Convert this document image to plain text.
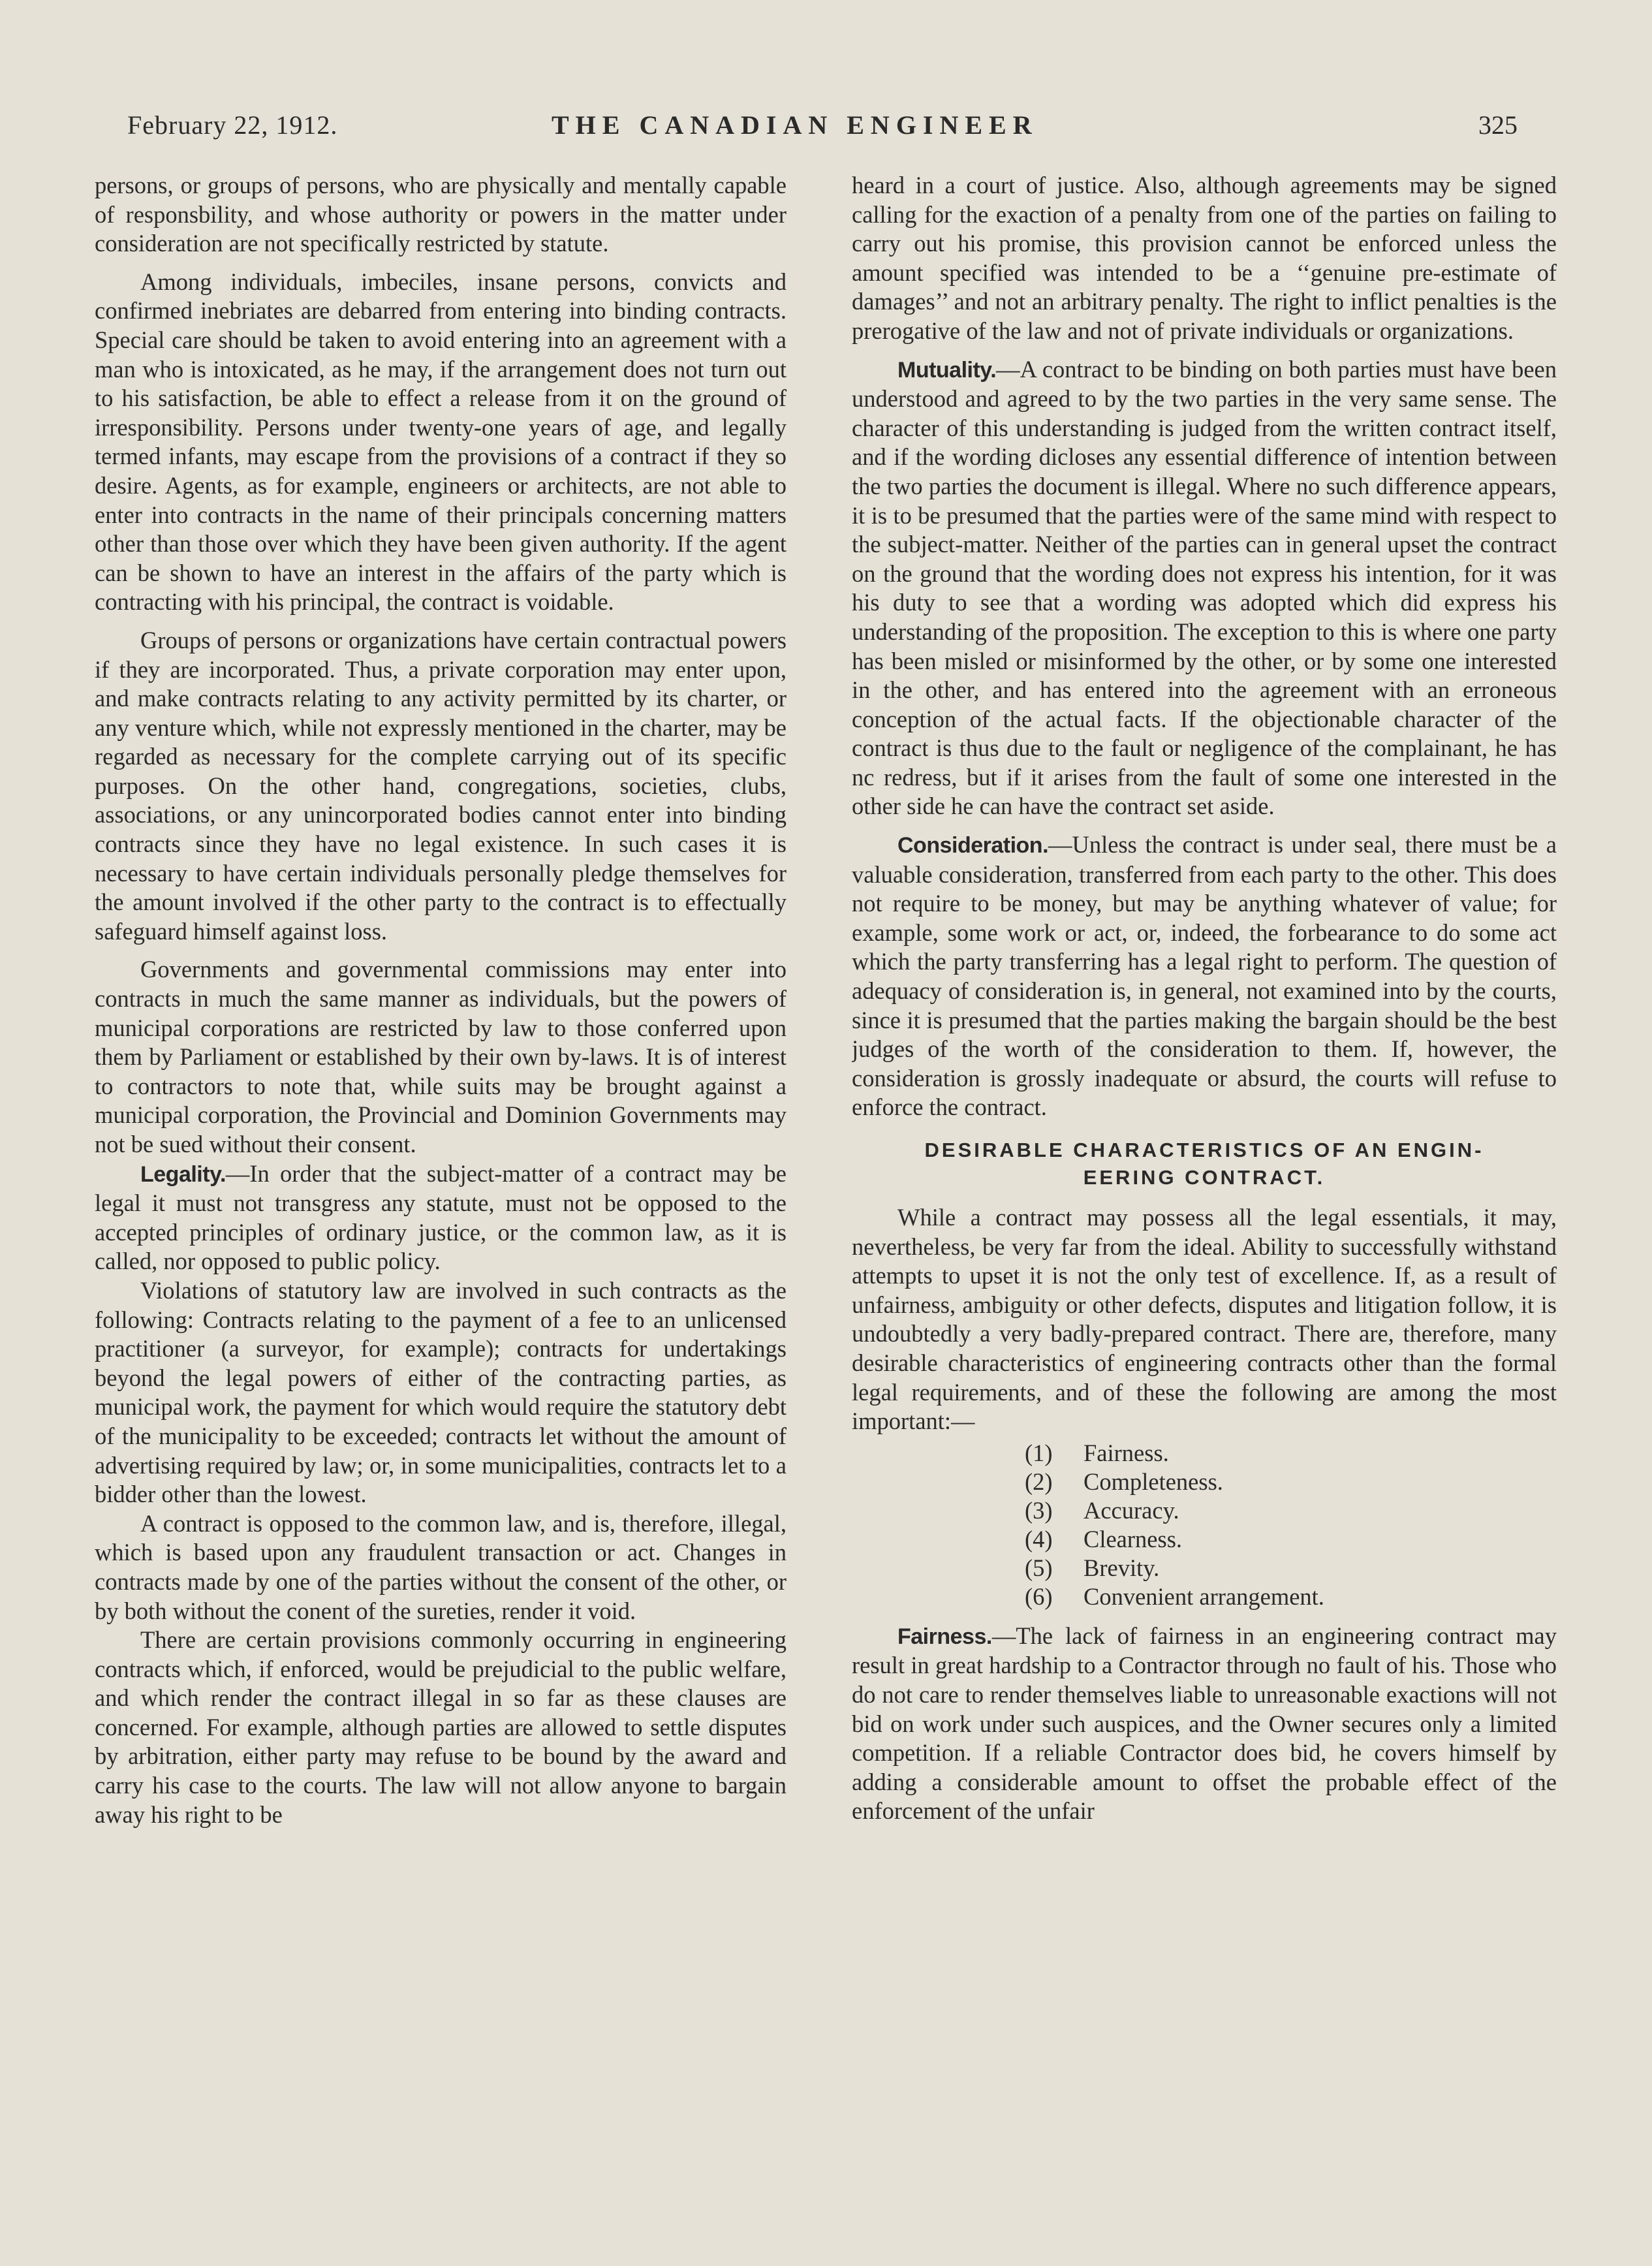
February 22, 1912.	THE CANADIAN ENGINEER	325

persons, or groups of persons, who are physically and mentally capable of responsbility, and whose authority or powers in the matter under consideration are not specifically restricted by statute.

Among individuals, imbeciles, insane persons, convicts and confirmed inebriates are debarred from entering into binding contracts. Special care should be taken to avoid entering into an agreement with a man who is intoxicated, as he may, if the arrangement does not turn out to his satisfaction, be able to effect a release from it on the ground of irresponsibility. Persons under twenty-one years of age, and legally termed infants, may escape from the provisions of a contract if they so desire. Agents, as for example, engineers or architects, are not able to enter into contracts in the name of their principals concerning matters other than those over which they have been given authority. If the agent can be shown to have an interest in the affairs of the party which is contracting with his principal, the contract is voidable.

Groups of persons or organizations have certain contractual powers if they are incorporated. Thus, a private corporation may enter upon, and make contracts relating to any activity permitted by its charter, or any venture which, while not expressly mentioned in the charter, may be regarded as necessary for the complete carrying out of its specific purposes. On the other hand, congregations, societies, clubs, associations, or any unincorporated bodies cannot enter into binding contracts since they have no legal existence. In such cases it is necessary to have certain individuals personally pledge themselves for the amount involved if the other party to the contract is to effectually safeguard himself against loss.

Governments and governmental commissions may enter into contracts in much the same manner as individuals, but the powers of municipal corporations are restricted by law to those conferred upon them by Parliament or established by their own by-laws. It is of interest to contractors to note that, while suits may be brought against a municipal corporation, the Provincial and Dominion Governments may not be sued without their consent.

Legality.—In order that the subject-matter of a contract may be legal it must not transgress any statute, must not be opposed to the accepted principles of ordinary justice, or the common law, as it is called, nor opposed to public policy.

Violations of statutory law are involved in such contracts as the following: Contracts relating to the payment of a fee to an unlicensed practitioner (a surveyor, for example); contracts for undertakings beyond the legal powers of either of the contracting parties, as municipal work, the payment for which would require the statutory debt of the municipality to be exceeded; contracts let without the amount of advertising required by law; or, in some municipalities, contracts let to a bidder other than the lowest.

A contract is opposed to the common law, and is, therefore, illegal, which is based upon any fraudulent transaction or act. Changes in contracts made by one of the parties without the consent of the other, or by both without the conent of the sureties, render it void.

There are certain provisions commonly occurring in engineering contracts which, if enforced, would be prejudicial to the public welfare, and which render the contract illegal in so far as these clauses are concerned. For example, although parties are allowed to settle disputes by arbitration, either party may refuse to be bound by the award and carry his case to the courts. The law will not allow anyone to bargain away his right to be

heard in a court of justice. Also, although agreements may be signed calling for the exaction of a penalty from one of the parties on failing to carry out his promise, this provision cannot be enforced unless the amount specified was intended to be a ‘‘genuine pre-estimate of damages’’ and not an arbitrary penalty. The right to inflict penalties is the prerogative of the law and not of private individuals or organizations.

Mutuality.—A contract to be binding on both parties must have been understood and agreed to by the two parties in the very same sense. The character of this understanding is judged from the written contract itself, and if the wording dicloses any essential difference of intention between the two parties the document is illegal. Where no such difference appears, it is to be presumed that the parties were of the same mind with respect to the subject-matter. Neither of the parties can in general upset the contract on the ground that the wording does not express his intention, for it was his duty to see that a wording was adopted which did express his understanding of the proposition. The exception to this is where one party has been misled or misinformed by the other, or by some one interested in the other, and has entered into the agreement with an erroneous conception of the actual facts. If the objectionable character of the contract is thus due to the fault or negligence of the complainant, he has nc redress, but if it arises from the fault of some one interested in the other side he can have the contract set aside.

Consideration.—Unless the contract is under seal, there must be a valuable consideration, transferred from each party to the other. This does not require to be money, but may be anything whatever of value; for example, some work or act, or, indeed, the forbearance to do some act which the party transferring has a legal right to perform. The question of adequacy of consideration is, in general, not examined into by the courts, since it is presumed that the parties making the bargain should be the best judges of the worth of the consideration to them. If, however, the consideration is grossly inadequate or absurd, the courts will refuse to enforce the contract.

DESIRABLE CHARACTERISTICS OF AN ENGIN-
EERING CONTRACT.

While a contract may possess all the legal essentials, it may, nevertheless, be very far from the ideal. Ability to successfully withstand attempts to upset it is not the only test of excellence. If, as a result of unfairness, ambiguity or other defects, disputes and litigation follow, it is undoubtedly a very badly-prepared contract. There are, therefore, many desirable characteristics of engineering contracts other than the formal legal requirements, and of these the following are among the most important:—

(1) Fairness.
(2) Completeness.
(3) Accuracy.
(4) Clearness.
(5) Brevity.
(6) Convenient arrangement.

Fairness.—The lack of fairness in an engineering contract may result in great hardship to a Contractor through no fault of his. Those who do not care to render themselves liable to unreasonable exactions will not bid on work under such auspices, and the Owner secures only a limited competition. If a reliable Contractor does bid, he covers himself by adding a considerable amount to offset the probable effect of the enforcement of the unfair
